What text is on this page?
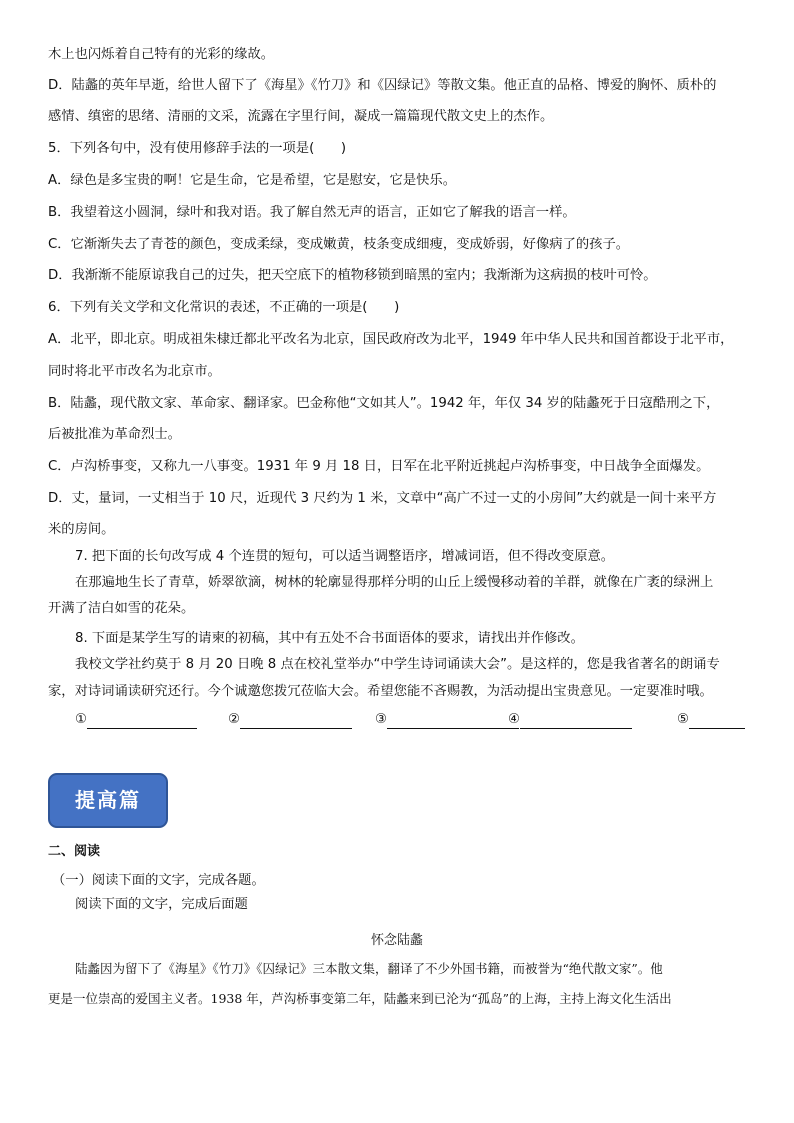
木上也闪烁着自己特有的光彩的缘故。
D．陆蠡的英年早逝，给世人留下了《海星》《竹刀》和《囚绿记》等散文集。他正直的品格、博爱的胸怀、质朴的
感情、缜密的思绪、清丽的文采，流露在字里行间，凝成一篇篇现代散文史上的杰作。
5．下列各句中，没有使用修辞手法的一项是(　　)
A．绿色是多宝贵的啊！它是生命，它是希望，它是慰安，它是快乐。
B．我望着这小圆洞，绿叶和我对语。我了解自然无声的语言，正如它了解我的语言一样。
C．它渐渐失去了青苍的颜色，变成柔绿，变成嫩黄，枝条变成细瘦，变成娇弱，好像病了的孩子。
D．我渐渐不能原谅我自己的过失，把天空底下的植物移锁到暗黑的室内；我渐渐为这病损的枝叶可怜。
6．下列有关文学和文化常识的表述，不正确的一项是(　　)
A．北平，即北京。明成祖朱棣迁都北平改名为北京，国民政府改为北平，1949 年中华人民共和国首都设于北平市，
同时将北平市改名为北京市。
B．陆蠡，现代散文家、革命家、翻译家。巴金称他“文如其人”。1942 年，年仅 34 岁的陆蠡死于日寇酷刑之下，
后被批准为革命烈士。
C．卢沟桥事变，又称九一八事变。1931 年 9 月 18 日，日军在北平附近挑起卢沟桥事变，中日战争全面爆发。
D．丈，量词，一丈相当于 10 尺，近现代 3 尺约为 1 米，文章中“高广不过一丈的小房间”大约就是一间十来平方
米的房间。
7. 把下面的长句改写成 4 个连贯的短句，可以适当调整语序，增减词语，但不得改变原意。
在那遍地生长了青草，娇翠欲滴，树林的轮廓显得那样分明的山丘上缓慢移动着的羊群，就像在广袤的绿洲上
开满了洁白如雪的花朵。
8. 下面是某学生写的请柬的初稿，其中有五处不合书面语体的要求，请找出并作修改。
我校文学社约莫于 8 月 20 日晚 8 点在校礼堂举办“中学生诗词诵读大会”。是这样的，您是我省著名的朗诵专
家，对诗词诵读研究还行。今个诚邀您拨冗莅临大会。希望您能不吝赐教，为活动提出宝贵意见。一定要准时哦。
①	②	③	④	⑤
提高篇
二、阅读
（一）阅读下面的文字，完成各题。
阅读下面的文字，完成后面题
怀念陆蠡
陆蠡因为留下了《海星》《竹刀》《囚绿记》三本散文集，翻译了不少外国书籍，而被誉为“绝代散文家”。他
更是一位崇高的爱国主义者。1938 年，芦沟桥事变第二年，陆蠡来到已沦为“孤岛”的上海，主持上海文化生活出
